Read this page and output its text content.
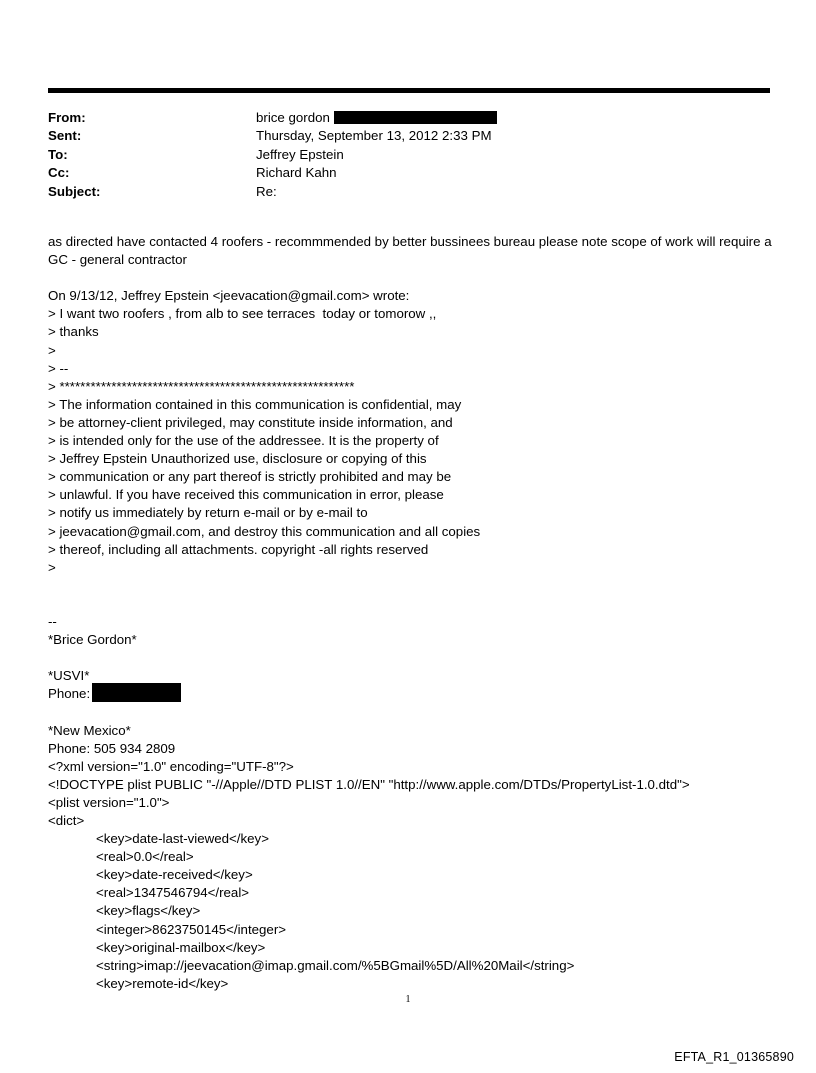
From:	brice gordon
Sent:	Thursday, September 13, 2012 2:33 PM
To:	Jeffrey Epstein
Cc:	Richard Kahn
Subject:	Re:
as directed have contacted 4 roofers - recommmended by better bussinees bureau please note scope of work will require a GC - general contractor
On 9/13/12, Jeffrey Epstein <jeevacation@gmail.com> wrote:
> I want two roofers , from alb to see terraces  today or tomorow ,,
> thanks
>
> --
> *********************************************************
> The information contained in this communication is confidential, may
> be attorney-client privileged, may constitute inside information, and
> is intended only for the use of the addressee. It is the property of
> Jeffrey Epstein Unauthorized use, disclosure or copying of this
> communication or any part thereof is strictly prohibited and may be
> unlawful. If you have received this communication in error, please
> notify us immediately by return e-mail or by e-mail to
> jeevacation@gmail.com, and destroy this communication and all copies
> thereof, including all attachments. copyright -all rights reserved
>
--
*Brice Gordon*
*USVI*
Phone:
*New Mexico*
Phone: 505 934 2809
<?xml version="1.0" encoding="UTF-8"?>
<!DOCTYPE plist PUBLIC "-//Apple//DTD PLIST 1.0//EN" "http://www.apple.com/DTDs/PropertyList-1.0.dtd">
<plist version="1.0">
<dict>
<key>date-last-viewed</key>
<real>0.0</real>
<key>date-received</key>
<real>1347546794</real>
<key>flags</key>
<integer>8623750145</integer>
<key>original-mailbox</key>
<string>imap://jeevacation@imap.gmail.com/%5BGmail%5D/All%20Mail</string>
<key>remote-id</key>
1
EFTA_R1_01365890
